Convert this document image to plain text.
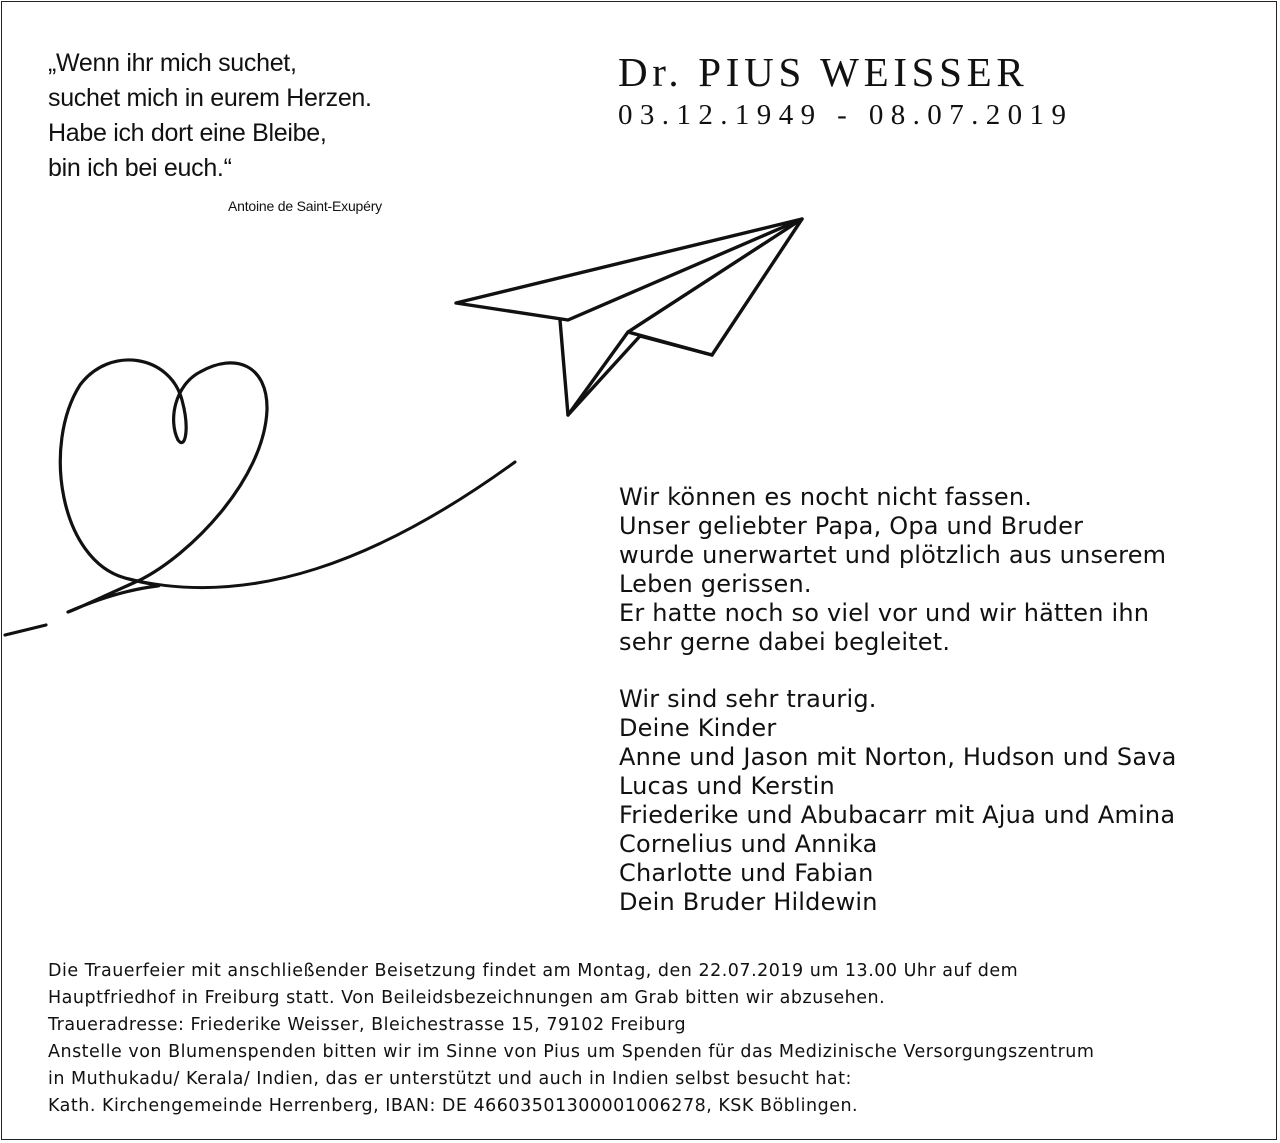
„Wenn ihr mich suchet,
suchet mich in eurem Herzen.
Habe ich dort eine Bleibe,
bin ich bei euch.“
Antoine de Saint-Exupéry
Dr. PIUS WEISSER
03.12.1949 - 08.07.2019
Wir können es nocht nicht fassen.
Unser geliebter Papa, Opa und Bruder
wurde unerwartet und plötzlich aus unserem
Leben gerissen.
Er hatte noch so viel vor und wir hätten ihn
sehr gerne dabei begleitet.
Wir sind sehr traurig.
Deine Kinder
Anne und Jason mit Norton, Hudson und Sava
Lucas und Kerstin
Friederike und Abubacarr mit Ajua und Amina
Cornelius und Annika
Charlotte und Fabian
Dein Bruder Hildewin
Die Trauerfeier mit anschließender Beisetzung findet am Montag, den 22.07.2019 um 13.00 Uhr auf dem
Hauptfriedhof in Freiburg statt. Von Beileidsbezeichnungen am Grab bitten wir abzusehen.
Traueradresse: Friederike Weisser, Bleichestrasse 15, 79102 Freiburg
Anstelle von Blumenspenden bitten wir im Sinne von Pius um Spenden für das Medizinische Versorgungszentrum
in Muthukadu/ Kerala/ Indien, das er unterstützt und auch in Indien selbst besucht hat:
Kath. Kirchengemeinde Herrenberg, IBAN: DE 46603501300001006278, KSK Böblingen.
